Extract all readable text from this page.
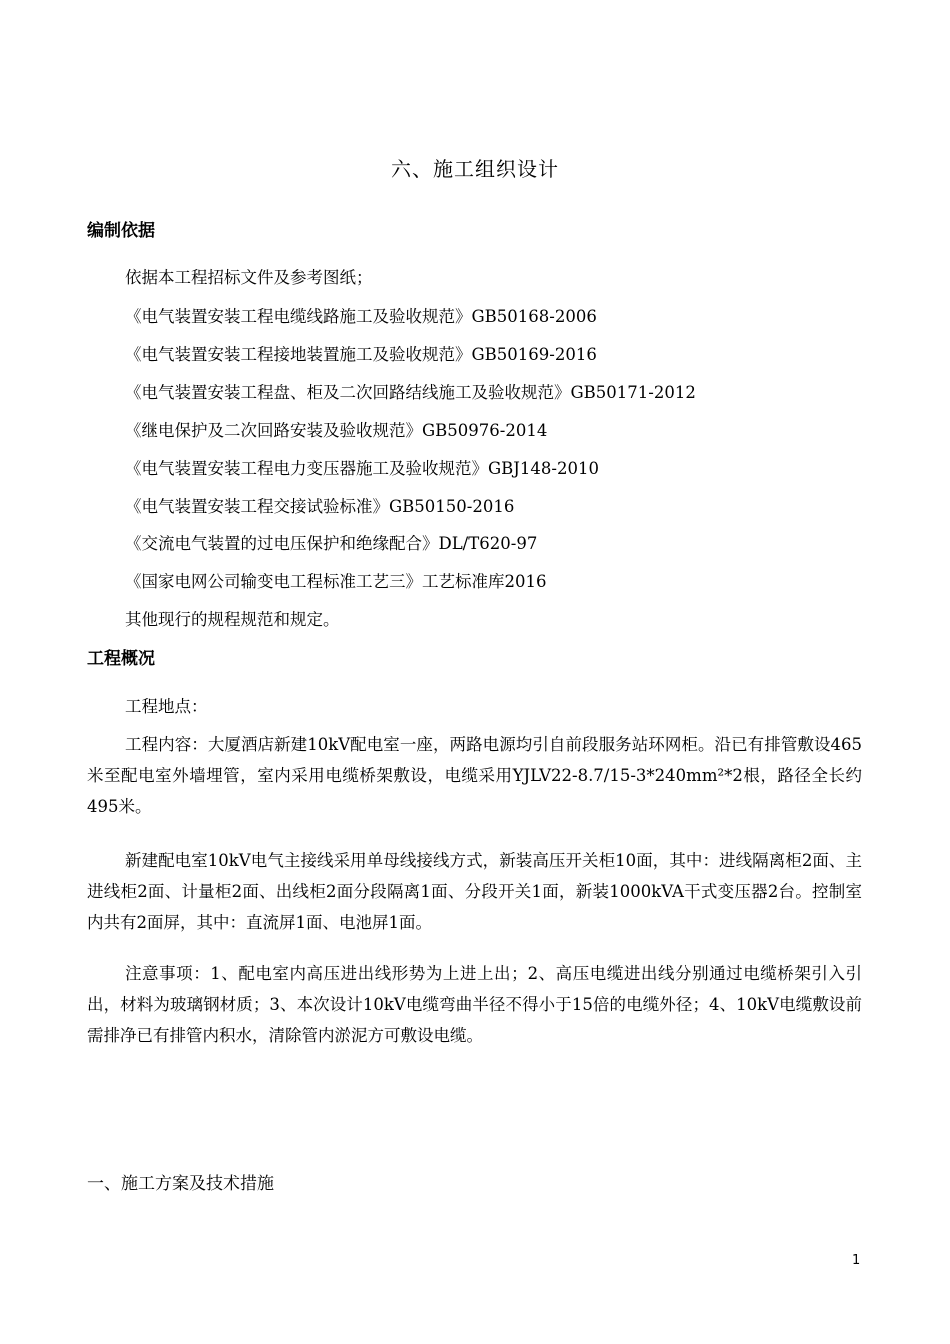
六、施工组织设计
编制依据
依据本工程招标文件及参考图纸；
《电气装置安装工程电缆线路施工及验收规范》GB50168-2006
《电气装置安装工程接地装置施工及验收规范》GB50169-2016
《电气装置安装工程盘、柜及二次回路结线施工及验收规范》GB50171-2012
《继电保护及二次回路安装及验收规范》GB50976-2014
《电气装置安装工程电力变压器施工及验收规范》GBJ148-2010
《电气装置安装工程交接试验标准》GB50150-2016
《交流电气装置的过电压保护和绝缘配合》DL/T620-97
《国家电网公司输变电工程标准工艺三》工艺标准库2016
其他现行的规程规范和规定。
工程概况
工程地点：
工程内容：大厦酒店新建10kV配电室一座，两路电源均引自前段服务站环网柜。沿已有排管敷设465米至配电室外墙埋管，室内采用电缆桥架敷设，电缆采用YJLV22-8.7/15-3*240mm²*2根，路径全长约495米。
新建配电室10kV电气主接线采用单母线接线方式，新装高压开关柜10面，其中：进线隔离柜2面、主进线柜2面、计量柜2面、出线柜2面分段隔离1面、分段开关1面，新装1000kVA干式变压器2台。控制室内共有2面屏，其中：直流屏1面、电池屏1面。
注意事项：1、配电室内高压进出线形势为上进上出；2、高压电缆进出线分别通过电缆桥架引入引出，材料为玻璃钢材质；3、本次设计10kV电缆弯曲半径不得小于15倍的电缆外径；4、10kV电缆敷设前需排净已有排管内积水，清除管内淤泥方可敷设电缆。
一、施工方案及技术措施
1
